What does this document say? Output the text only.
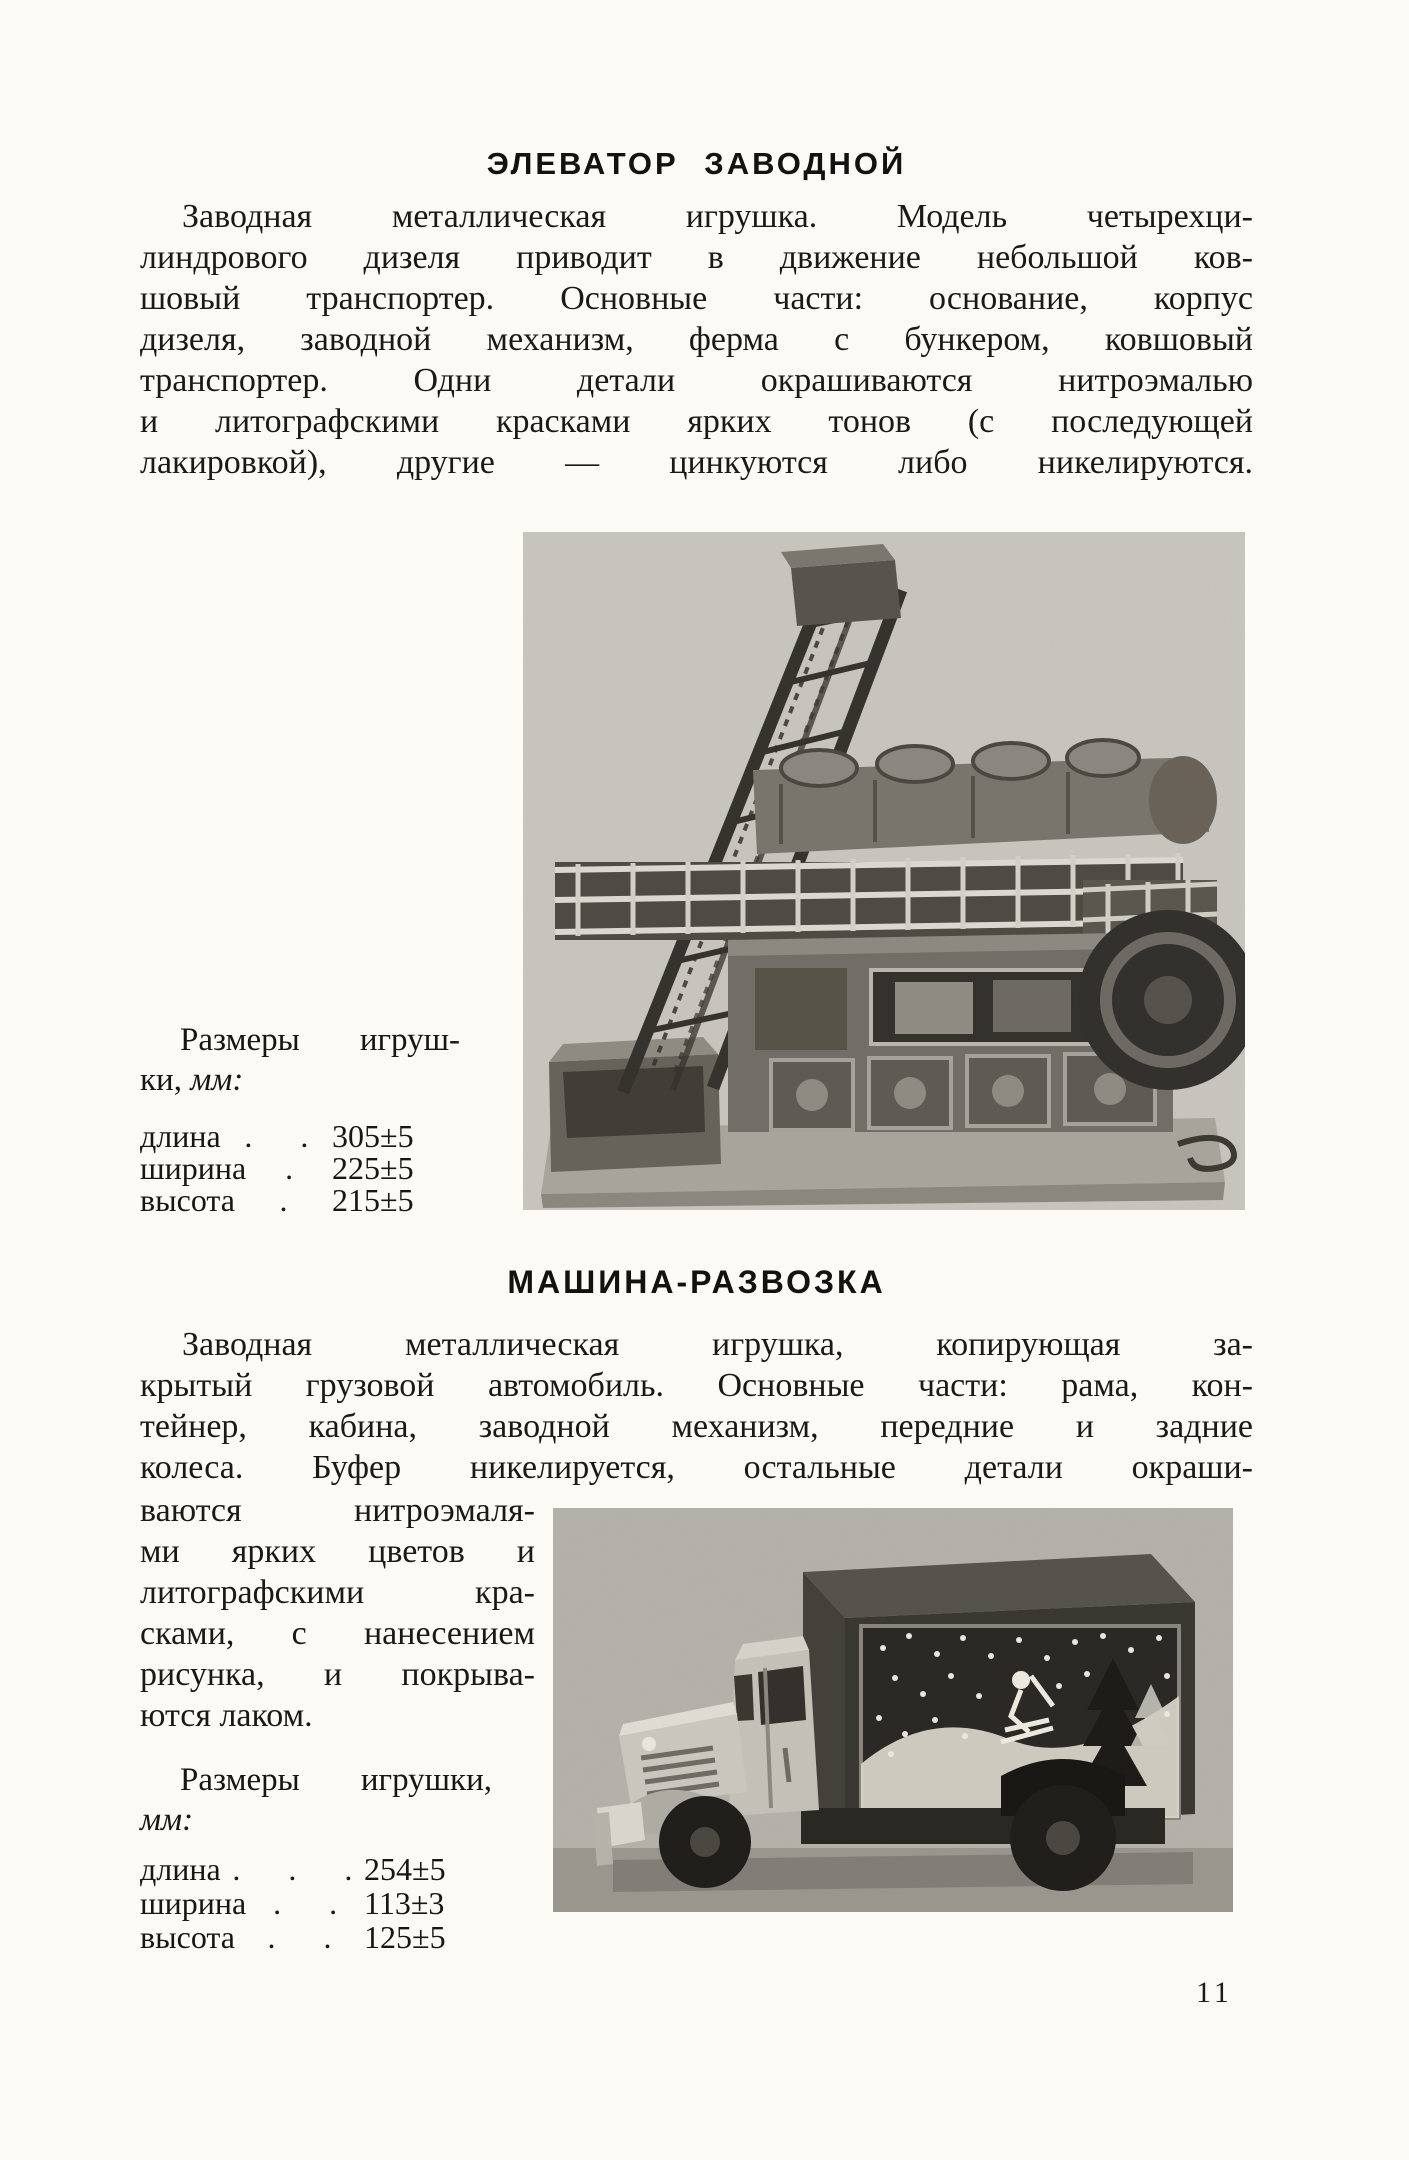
ЭЛЕВАТОР ЗАВОДНОЙ
Заводная металлическая игрушка. Модель четырехци-
линдрового дизеля приводит в движение небольшой ков-
шовый транспортер. Основные части: основание, корпус
дизеля, заводной механизм, ферма с бункером, ковшовый
транспортер. Одни детали окрашиваются нитроэмалью
и литографскими красками ярких тонов (с последующей
лакировкой), другие — цинкуются либо никелируются.
Размеры игруш-
ки, мм:
длина . . 305±5
ширина	.	225±5
высота	.	215±5
МАШИНА-РАЗВОЗКА
Заводная металлическая игрушка, копирующая за-
крытый грузовой автомобиль. Основные части: рама, кон-
тейнер, кабина, заводной механизм, передние и задние
колеса. Буфер никелируется, остальные детали окраши-
ваются нитроэмаля-
ми ярких цветов и
литографскими кра-
сками, с нанесением
рисунка, и покрыва-
ются лаком.
Размеры игрушки,
мм:
длина . . . 254±5
ширина . . 113±3
высота	. .	125±5
11
